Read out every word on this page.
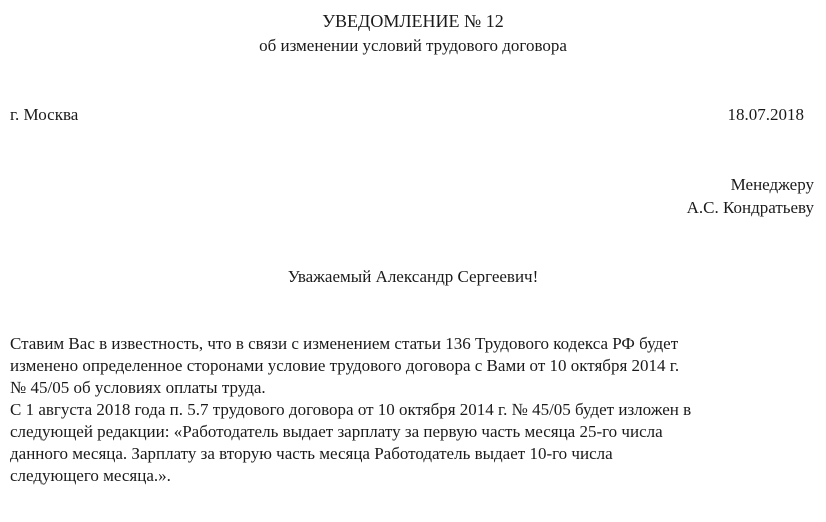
УВЕДОМЛЕНИЕ № 12
об изменении условий трудового договора
г. Москва	18.07.2018
Менеджеру
А.С. Кондратьеву
Уважаемый Александр Сергеевич!
Ставим Вас в известность, что в связи с изменением статьи 136 Трудового кодекса РФ будет
изменено определенное сторонами условие трудового договора с Вами от 10 октября 2014 г.
№ 45/05 об условиях оплаты труда.
С 1 августа 2018 года п. 5.7 трудового договора от 10 октября 2014 г. № 45/05 будет изложен в
следующей редакции: «Работодатель выдает зарплату за первую часть месяца 25-го числа
данного месяца. Зарплату за вторую часть месяца Работодатель выдает 10-го числа
следующего месяца.».
